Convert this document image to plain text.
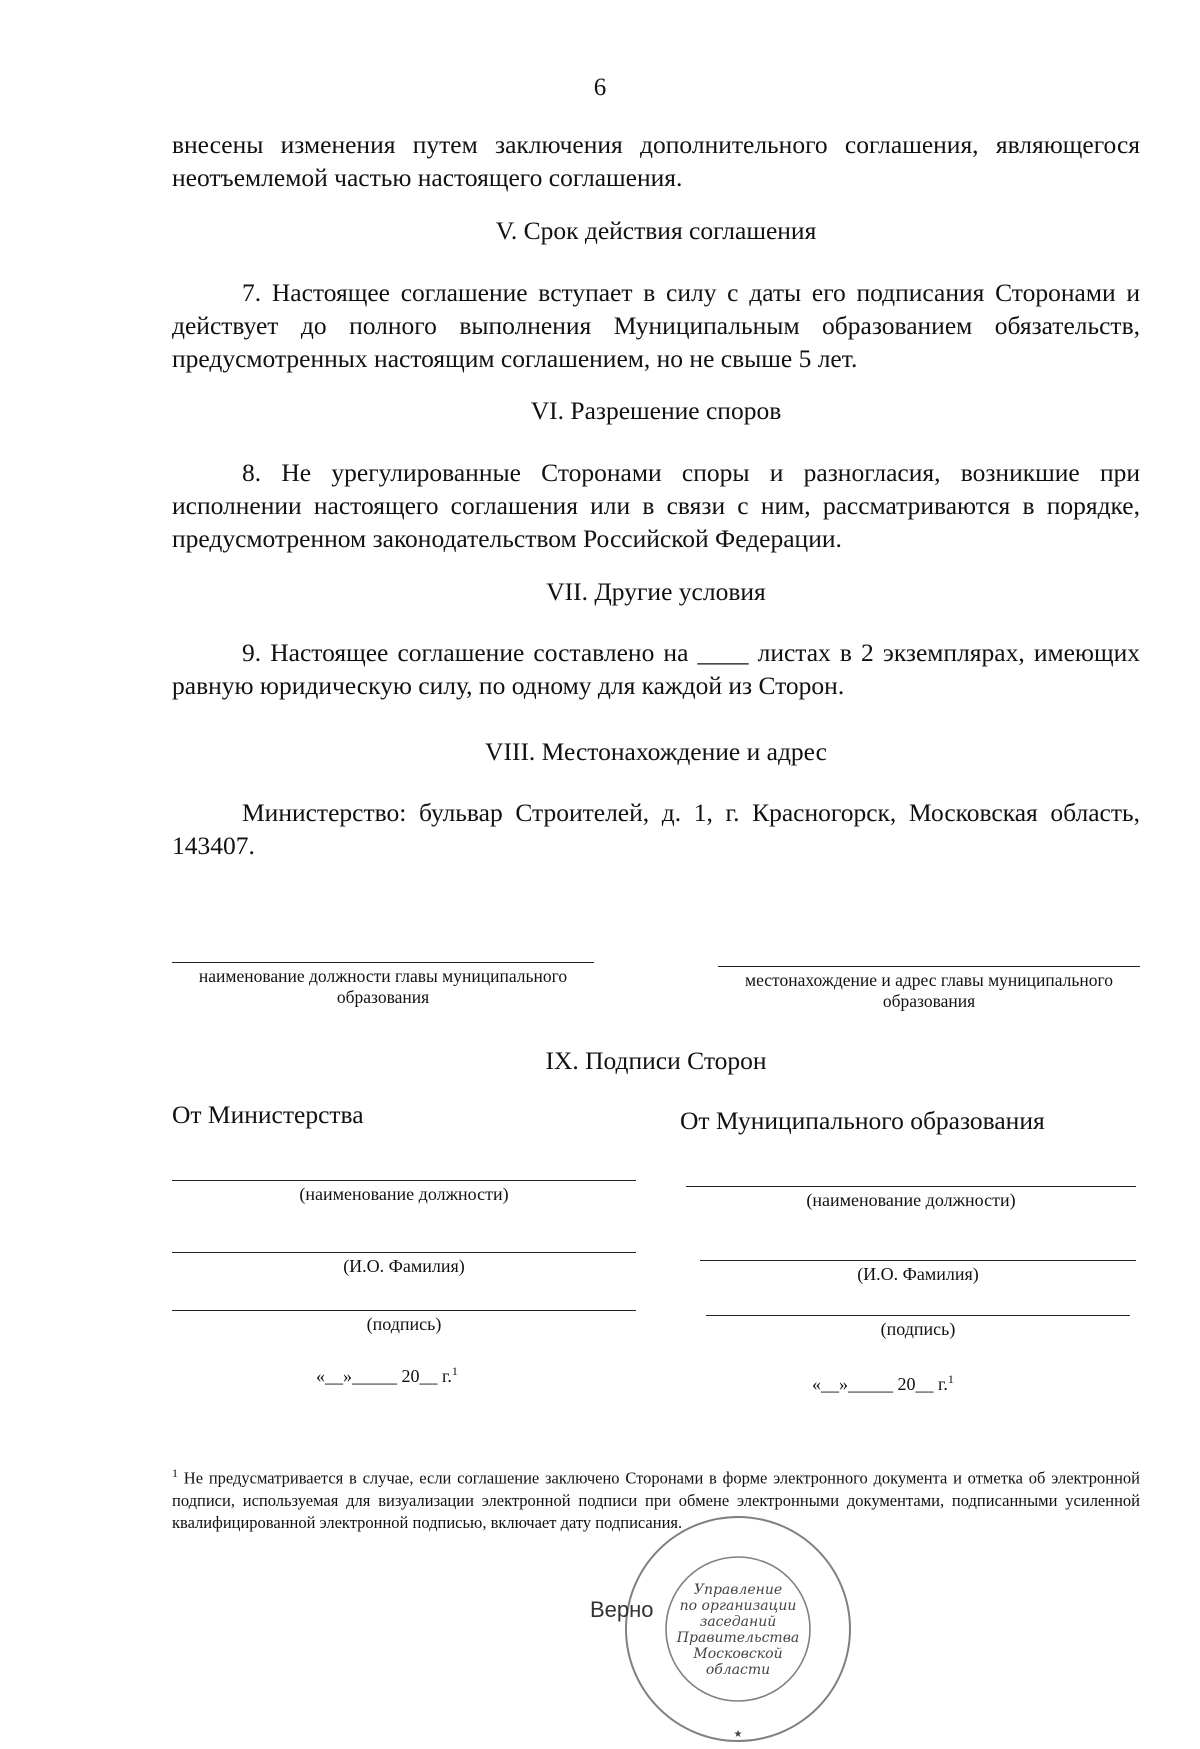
6
внесены изменения путем заключения дополнительного соглашения, являющегося неотъемлемой частью настоящего соглашения.
V. Срок действия соглашения
7. Настоящее соглашение вступает в силу с даты его подписания Сторонами и действует до полного выполнения Муниципальным образованием обязательств, предусмотренных настоящим соглашением, но не свыше 5 лет.
VI. Разрешение споров
8. Не урегулированные Сторонами споры и разногласия, возникшие при исполнении настоящего соглашения или в связи с ним, рассматриваются в порядке, предусмотренном законодательством Российской Федерации.
VII. Другие условия
9. Настоящее соглашение составлено на ____ листах в 2 экземплярах, имеющих равную юридическую силу, по одному для каждой из Сторон.
VIII. Местонахождение и адрес
Министерство: бульвар Строителей, д. 1, г. Красногорск, Московская область, 143407.
наименование должности главы муниципального образования
местонахождение и адрес главы муниципального образования
IX. Подписи Сторон
От Министерства
(наименование должности)
(И.О. Фамилия)
(подпись)
«__»_____ 20__ г.$^1$
От Муниципального образования
(наименование должности)
(И.О. Фамилия)
(подпись)
«__»_____ 20__ г.$^1$
$^1$ Не предусматривается в случае, если соглашение заключено Сторонами в форме электронного документа и отметка об электронной подписи, используемая для визуализации электронной подписи при обмене электронными документами, подписанными усиленной квалифицированной электронной подписью, включает дату подписания.
Управление по организации заседаний Правительства Московской области
★
Верно
